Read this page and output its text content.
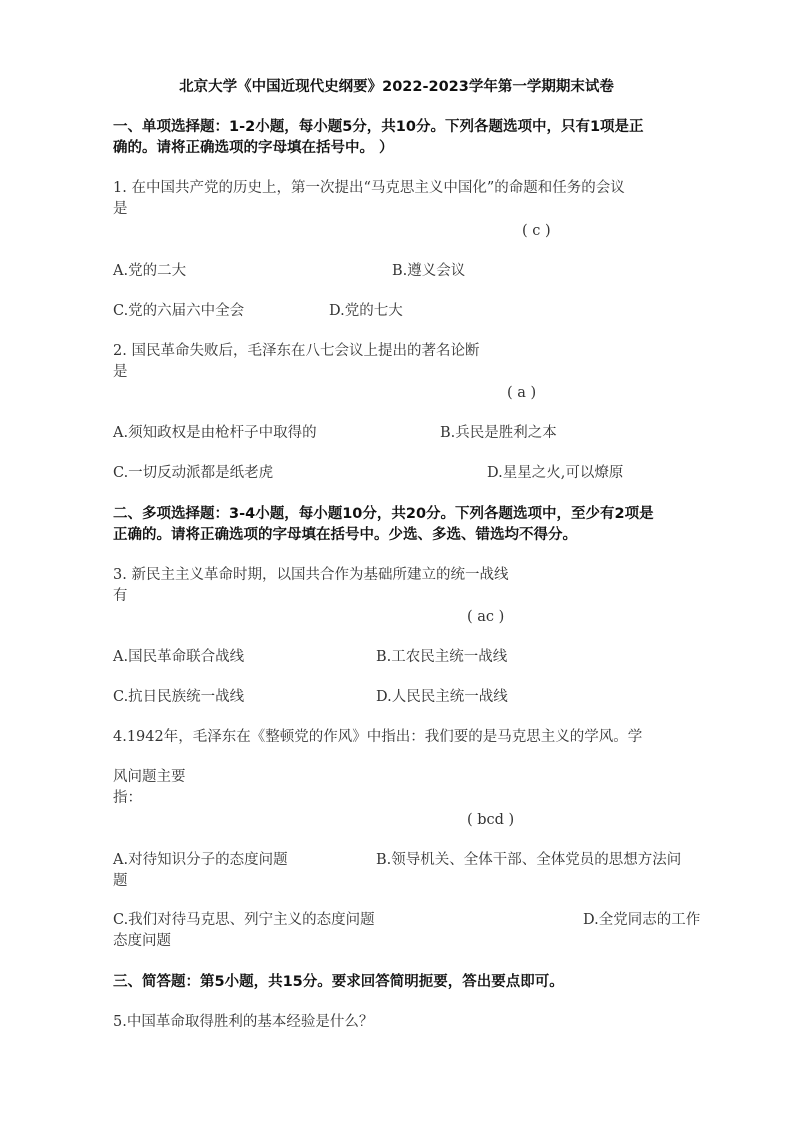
北京大学《中国近现代史纲要》2022-2023学年第一学期期末试卷
一、单项选择题：1-2小题，每小题5分，共10分。下列各题选项中，只有1项是正
确的。请将正确选项的字母填在括号中。 ）
1. 在中国共产党的历史上，第一次提出“马克思主义中国化”的命题和任务的会议
是
( c )
A.党的二大	B.遵义会议
C.党的六届六中全会	D.党的七大
2. 国民革命失败后，毛泽东在八七会议上提出的著名论断
是
( a )
A.须知政权是由枪杆子中取得的	B.兵民是胜利之本
C.一切反动派都是纸老虎	D.星星之火,可以燎原
二、多项选择题：3-4小题，每小题10分，共20分。下列各题选项中，至少有2项是
正确的。请将正确选项的字母填在括号中。少选、多选、错选均不得分。
3. 新民主主义革命时期，以国共合作为基础所建立的统一战线
有
( ac )
A.国民革命联合战线	B.工农民主统一战线
C.抗日民族统一战线	D.人民民主统一战线
4.1942年，毛泽东在《整顿党的作风》中指出：我们要的是马克思主义的学风。学
风问题主要
指：
( bcd )
A.对待知识分子的态度问题	B.领导机关、全体干部、全体党员的思想方法问
题
C.我们对待马克思、列宁主义的态度问题	D.全党同志的工作
态度问题
三、简答题：第5小题，共15分。要求回答简明扼要，答出要点即可。
5.中国革命取得胜利的基本经验是什么？
